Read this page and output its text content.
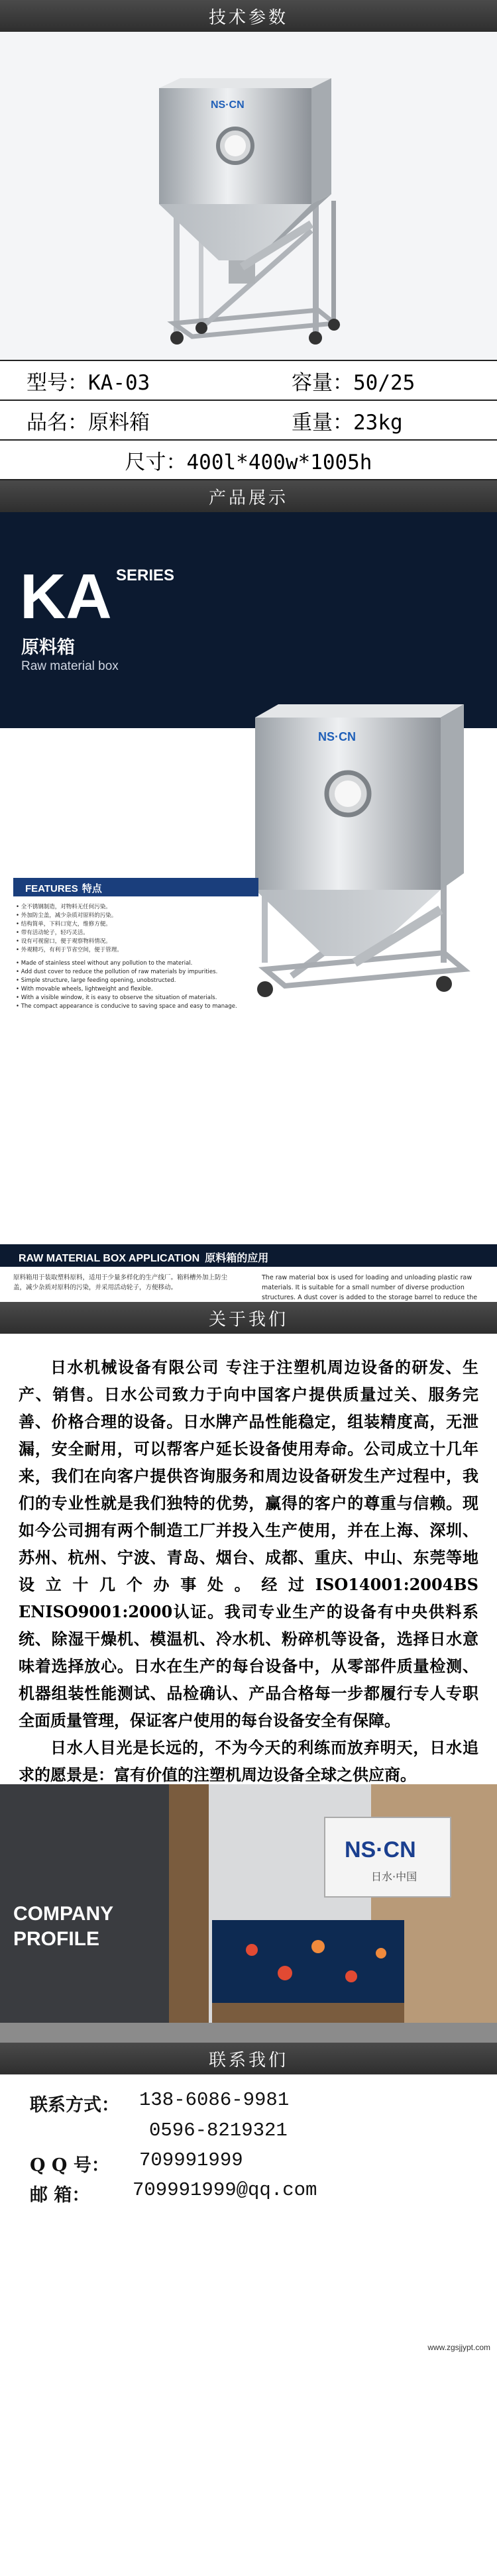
技术参数
NS·CN
型号：KA-03	容量：50/25
品名：原料箱	重量：23kg
尺寸：400l*400w*1005h
产品展示
KA SERIES
原料箱
Raw material box
NS·CN
FEATURES 特点
• 全不锈钢制造，对物料无任何污染。
• 外加防尘盖，减少杂质对原料的污染。
• 结构简单，下料口宽大，维修方便。
• 带有活动轮子，轻巧灵活。
• 设有可视窗口，便于观察物料情况。
• 外观精巧，有利于节省空间，便于管理。
• Made of stainless steel without any pollution to the material.
• Add dust cover to reduce the pollution of raw materials by impurities.
• Simple structure, large feeding opening, unobstructed.
• With movable wheels, lightweight and flexible.
• With a visible window, it is easy to observe the situation of materials.
• The compact appearance is conducive to saving space and easy to manage.
RAW MATERIAL BOX APPLICATION 原料箱的应用
原料箱用于装取塑料原料，适用于少量多样化的生产线厂。箱料槽外加上防尘盖，减少杂质对原料的污染，并采用活动轮子，方便移动。
The raw material box is used for loading and unloading plastic raw materials. It is suitable for a small number of diverse production structures. A dust cover is added to the storage barrel to reduce the

关于我们
日水机械设备有限公司 专注于注塑机周边设备的研发、生产、销售。日水公司致力于向中国客户提供质量过关、服务完善、价格合理的设备。日水牌产品性能稳定，组装精度高，无泄漏，安全耐用，可以帮客户延长设备使用寿命。公司成立十几年来，我们在向客户提供咨询服务和周边设备研发生产过程中，我们的专业性就是我们独特的优势，赢得的客户的尊重与信赖。现如今公司拥有两个制造工厂并投入生产使用，并在上海、深圳、苏州、杭州、宁波、青岛、烟台、成都、重庆、中山、东莞等地设立十几个办事处。经过ISO14001:2004BS ENISO9001:2000认证。我司专业生产的设备有中央供料系统、除湿干燥机、模温机、冷水机、粉碎机等设备，选择日水意味着选择放心。日水在生产的每台设备中，从零部件质量检测、机器组装性能测试、品检确认、产品合格每一步都履行专人专职全面质量管理，保证客户使用的每台设备安全有保障。
日水人目光是长远的，不为今天的利练而放弃明天，日水追求的愿景是：富有价值的注塑机周边设备全球之供应商。
NS·CN
日水·中国
COMPANY
PROFILE
联系我们
联系方式： 138-6086-9981
0596-8219321
Q Q 号： 709991999
邮 箱： 709991999@qq.com
www.zgsjjypt.com
